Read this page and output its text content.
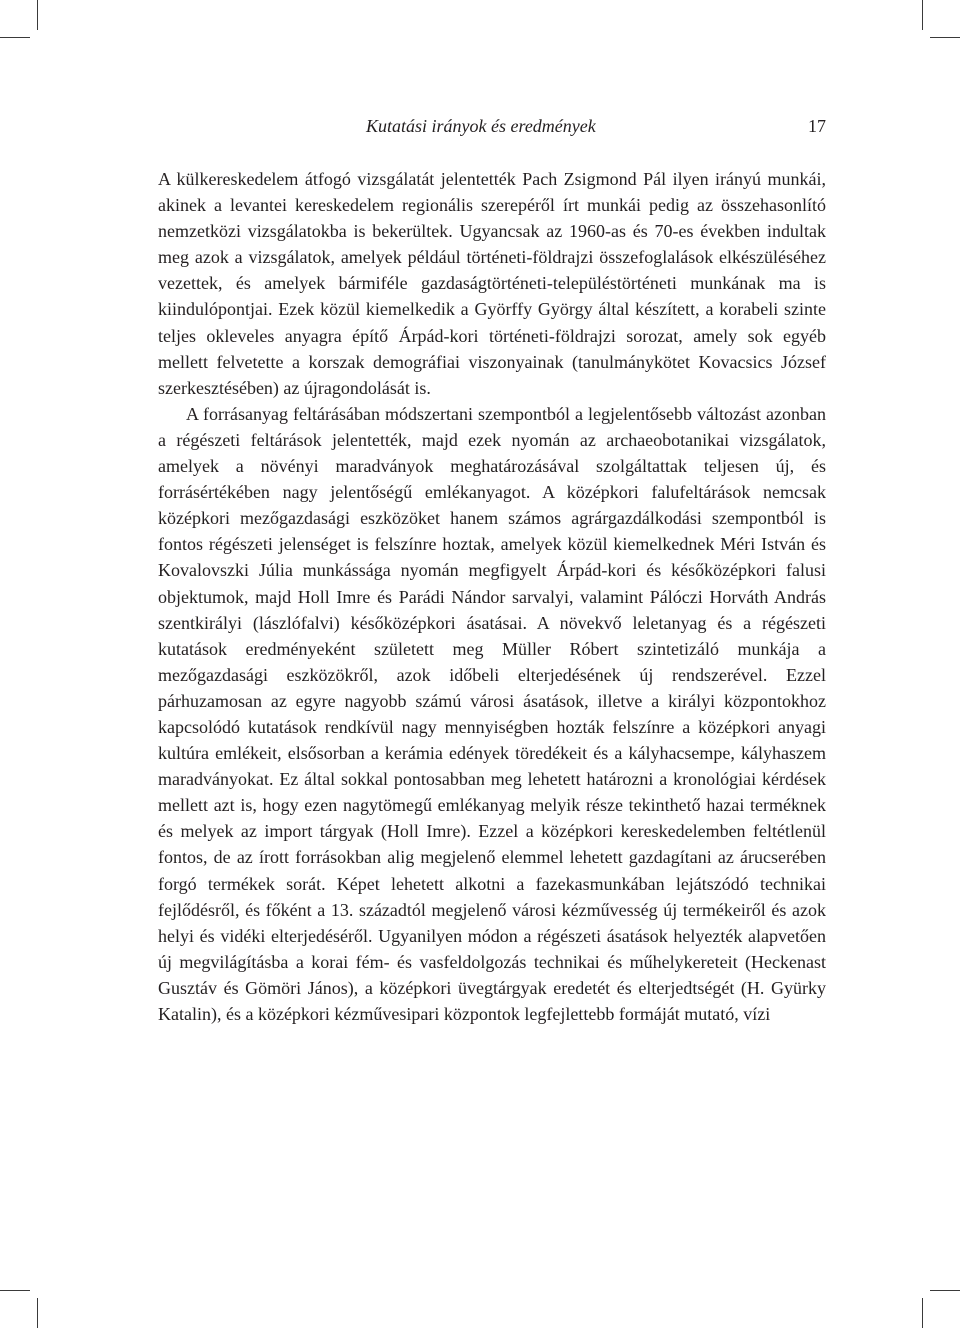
Kutatási irányok és eredmények	17

A külkereskedelem átfogó vizsgálatát jelentették Pach Zsigmond Pál ilyen irányú munkái, akinek a levantei kereskedelem regionális szerepéről írt munkái pedig az összehasonlító nemzetközi vizsgálatokba is bekerültek. Ugyancsak az 1960-as és 70-es években indultak meg azok a vizsgálatok, amelyek például történeti-földrajzi összefoglalások elkészüléséhez vezettek, és amelyek bármiféle gazdaságtörténeti-településtörténeti munkának ma is kiindulópontjai. Ezek közül kiemelkedik a Györffy György által készített, a korabeli szinte teljes okleveles anyagra építő Árpád-kori történeti-földrajzi sorozat, amely sok egyéb mellett felvetette a korszak demográfiai viszonyainak (tanulmánykötet Kovacsics József szerkesztésében) az újragondolását is.

A forrásanyag feltárásában módszertani szempontból a legjelentősebb változást azonban a régészeti feltárások jelentették, majd ezek nyomán az archaeobotanikai vizsgálatok, amelyek a növényi maradványok meghatározásával szolgáltattak teljesen új, és forrásértékében nagy jelentőségű emlékanyagot. A középkori falufeltárások nemcsak középkori mezőgazdasági eszközöket hanem számos agrárgazdálkodási szempontból is fontos régészeti jelenséget is felszínre hoztak, amelyek közül kiemelkednek Méri István és Kovalovszki Júlia munkássága nyomán megfigyelt Árpád-kori és későközépkori falusi objektumok, majd Holl Imre és Parádi Nándor sarvalyi, valamint Pálóczi Horváth András szentkirályi (lászlófalvi) későközépkori ásatásai. A növekvő leletanyag és a régészeti kutatások eredményeként született meg Müller Róbert szintetizáló munkája a mezőgazdasági eszközökről, azok időbeli elterjedésének új rendszerével. Ezzel párhuzamosan az egyre nagyobb számú városi ásatások, illetve a királyi központokhoz kapcsolódó kutatások rendkívül nagy mennyiségben hozták felszínre a középkori anyagi kultúra emlékeit, elsősorban a kerámia edények töredékeit és a kályhacsempe, kályhaszem maradványokat. Ez által sokkal pontosabban meg lehetett határozni a kronológiai kérdések mellett azt is, hogy ezen nagytömegű emlékanyag melyik része tekinthető hazai terméknek és melyek az import tárgyak (Holl Imre). Ezzel a középkori kereskedelemben feltétlenül fontos, de az írott forrásokban alig megjelenő elemmel lehetett gazdagítani az árucserében forgó termékek sorát. Képet lehetett alkotni a fazekasmunkában lejátszódó technikai fejlődésről, és főként a 13. századtól megjelenő városi kézművesség új termékeiről és azok helyi és vidéki elterjedéséről. Ugyanilyen módon a régészeti ásatások helyezték alapvetően új megvilágításba a korai fém- és vasfeldolgozás technikai és műhelykereteit (Heckenast Gusztáv és Gömöri János), a középkori üvegtárgyak eredetét és elterjedtségét (H. Gyürky Katalin), és a középkori kézművesipari központok legfejlettebb formáját mutató, vízi
